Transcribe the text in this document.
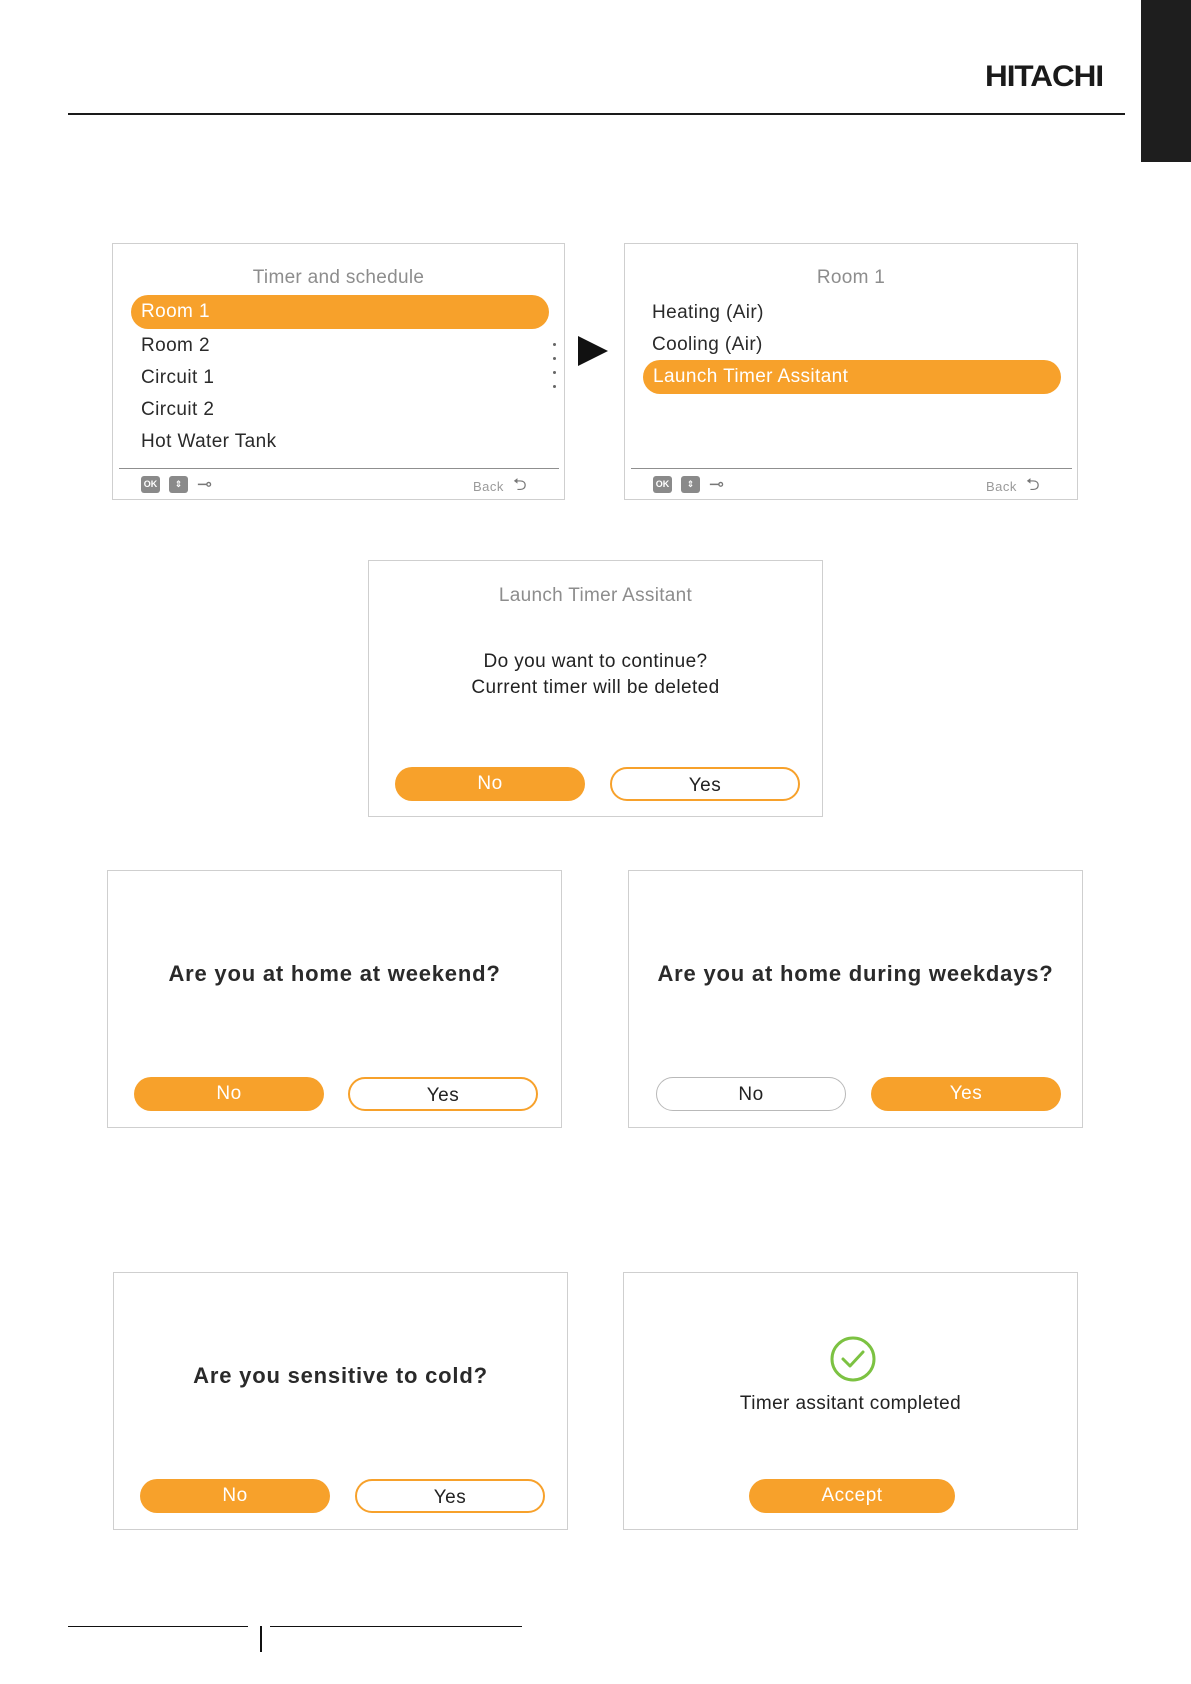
HITACHI
Timer and schedule
Room 1
Room 2
Circuit 1
Circuit 2
Hot Water Tank
OK	⇕ ⊸	Back ⮌
Room 1
Heating (Air)
Cooling (Air)
Launch Timer Assitant
OK	⇕ ⊸	Back ⮌
Launch Timer Assitant
Do you want to continue?
Current timer will be deleted
No	Yes
Are you at home at weekend?
No	Yes
Are you at home during weekdays?
No	Yes
Are you sensitive to cold?
No	Yes
Timer assitant completed
Accept
